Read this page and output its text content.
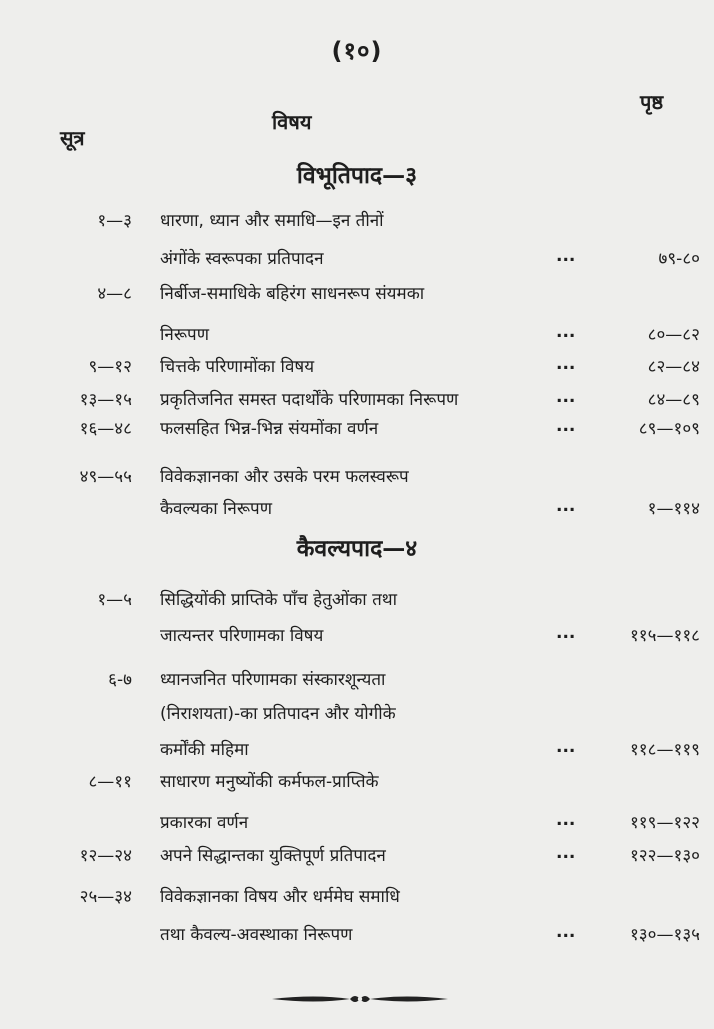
(१०)
सूत्र
विषय
पृष्ठ
विभूतिपाद—३
१—३ धारणा, ध्यान और समाधि—इन तीनों
अंगोंके स्वरूपका प्रतिपादन	...	७९-८०
४—८ निर्बीज-समाधिके बहिरंग साधनरूप संयमका
निरूपण	...	८०—८२
९—१२ चित्तके परिणामोंका विषय	...	८२—८४
१३—१५ प्रकृतिजनित समस्त पदार्थोंके परिणामका निरूपण	...	८४—८९
१६—४८ फलसहित भिन्न-भिन्न संयमोंका वर्णन	...	८९—१०९
४९—५५ विवेकज्ञानका और उसके परम फलस्वरूप
कैवल्यका निरूपण	...	१—११४
कैवल्यपाद—४
१—५ सिद्धियोंकी प्राप्तिके पाँच हेतुओंका तथा
जात्यन्तर परिणामका विषय	...	११५—११८
६-७ ध्यानजनित परिणामका संस्कारशून्यता
(निराशयता)-का प्रतिपादन और योगीके
कर्मोंकी महिमा	...	११८—११९
८—११ साधारण मनुष्योंकी कर्मफल-प्राप्तिके
प्रकारका वर्णन	...	११९—१२२
१२—२४ अपने सिद्धान्तका युक्तिपूर्ण प्रतिपादन	...	१२२—१३०
२५—३४ विवेकज्ञानका विषय और धर्ममेघ समाधि
तथा कैवल्य-अवस्थाका निरूपण	...	१३०—१३५
